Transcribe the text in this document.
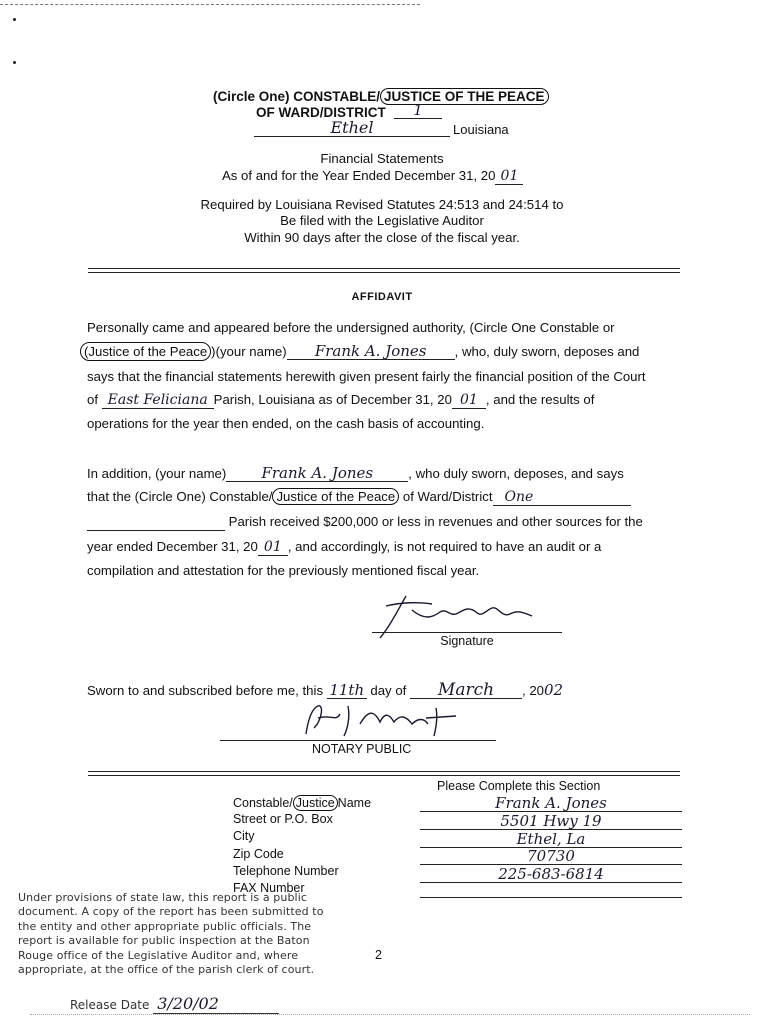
(Circle One) CONSTABLE/ JUSTICE OF THE PEACE
OF WARD/DISTRICT	1
Ethel	Louisiana
Financial Statements
As of and for the Year Ended December 31, 20 01
Required by Louisiana Revised Statutes 24:513 and 24:514 to
Be filed with the Legislative Auditor
Within 90 days after the close of the fiscal year.
AFFIDAVIT
Personally came and appeared before the undersigned authority, (Circle One Constable or
(Justice of the Peace )(your name) Frank A. Jones , who, duly sworn, deposes and
says that the financial statements herewith given present fairly the financial position of the Court
of East Feliciana Parish, Louisiana as of December 31, 20 01 , and the results of
operations for the year then ended, on the cash basis of accounting.
In addition, (your name) Frank A. Jones	, who duly sworn, deposes, and says
that the (Circle One) Constable/ Justice of the Peace of Ward/District One
Parish received $200,000 or less in revenues and other sources for the
year ended December 31, 20 01 , and accordingly, is not required to have an audit or a
compilation and attestation for the previously mentioned fiscal year.
Signature
Sworn to and subscribed before me, this 11th day of March , 2002
NOTARY PUBLIC
Please Complete this Section
Constable/ Justice Name	Frank A. Jones
Street or P.O. Box	5501 Hwy 19
City	Ethel, La
Zip Code	70730
Telephone Number	225-683-6814
FAX Number
Under provisions of state law, this report is a public
document. A copy of the report has been submitted to
the entity and other appropriate public officials. The
report is available for public inspection at the Baton
Rouge office of the Legislative Auditor and, where
appropriate, at the office of the parish clerk of court.
2
Release Date 3/20/02
